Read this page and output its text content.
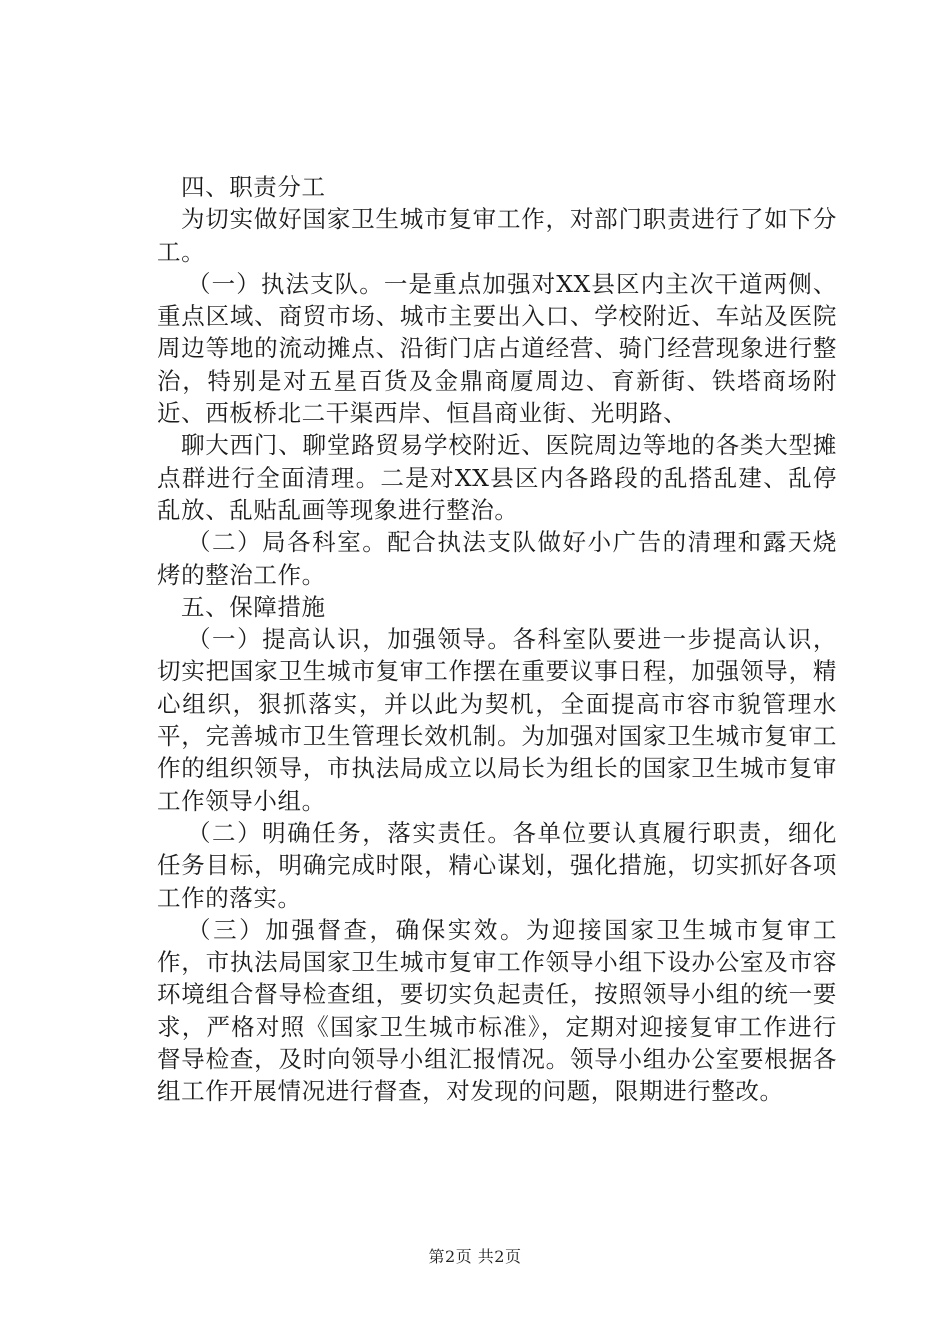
四、职责分工

为切实做好国家卫生城市复审工作，对部门职责进行了如下分工。

（一）执法支队。一是重点加强对XX县区内主次干道两侧、重点区域、商贸市场、城市主要出入口、学校附近、车站及医院周边等地的流动摊点、沿街门店占道经营、骑门经营现象进行整治，特别是对五星百货及金鼎商厦周边、育新街、铁塔商场附近、西板桥北二干渠西岸、恒昌商业街、光明路、

聊大西门、聊堂路贸易学校附近、医院周边等地的各类大型摊点群进行全面清理。二是对XX县区内各路段的乱搭乱建、乱停乱放、乱贴乱画等现象进行整治。

（二）局各科室。配合执法支队做好小广告的清理和露天烧烤的整治工作。

五、保障措施

（一）提高认识，加强领导。各科室队要进一步提高认识，切实把国家卫生城市复审工作摆在重要议事日程，加强领导，精心组织，狠抓落实，并以此为契机，全面提高市容市貌管理水平，完善城市卫生管理长效机制。为加强对国家卫生城市复审工作的组织领导，市执法局成立以局长为组长的国家卫生城市复审工作领导小组。

（二）明确任务，落实责任。各单位要认真履行职责，细化任务目标，明确完成时限，精心谋划，强化措施，切实抓好各项工作的落实。

（三）加强督查，确保实效。为迎接国家卫生城市复审工作，市执法局国家卫生城市复审工作领导小组下设办公室及市容环境组合督导检查组，要切实负起责任，按照领导小组的统一要求，严格对照《国家卫生城市标准》，定期对迎接复审工作进行督导检查，及时向领导小组汇报情况。领导小组办公室要根据各组工作开展情况进行督查，对发现的问题，限期进行整改。

第2页 共2页
